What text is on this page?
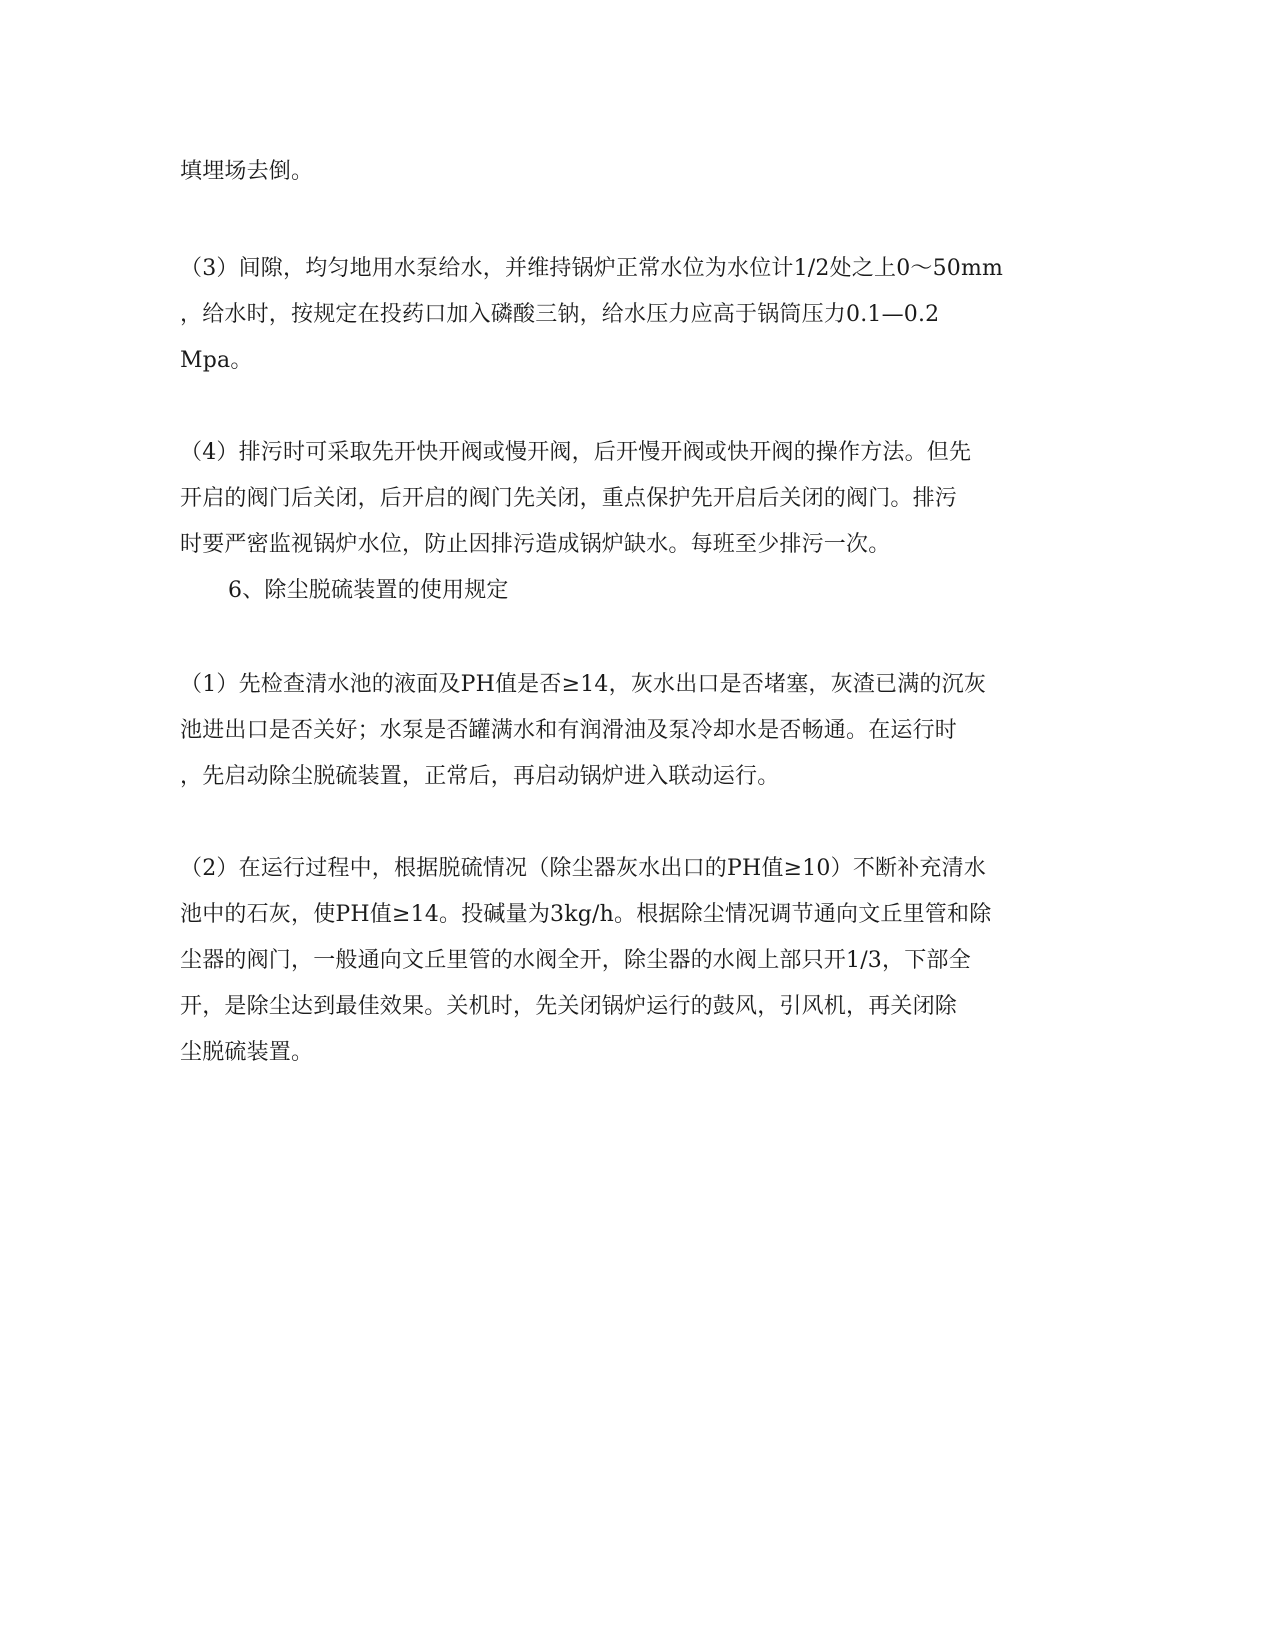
填埋场去倒。
（3）间隙，均匀地用水泵给水，并维持锅炉正常水位为水位计1/2处之上0～50mm
，给水时，按规定在投药口加入磷酸三钠，给水压力应高于锅筒压力0.1—0.2
Mpa。
（4）排污时可采取先开快开阀或慢开阀，后开慢开阀或快开阀的操作方法。但先
开启的阀门后关闭，后开启的阀门先关闭，重点保护先开启后关闭的阀门。排污
时要严密监视锅炉水位，防止因排污造成锅炉缺水。每班至少排污一次。
6、除尘脱硫装置的使用规定
（1）先检查清水池的液面及PH值是否≥14，灰水出口是否堵塞，灰渣已满的沉灰
池进出口是否关好；水泵是否罐满水和有润滑油及泵冷却水是否畅通。在运行时
，先启动除尘脱硫装置，正常后，再启动锅炉进入联动运行。
（2）在运行过程中，根据脱硫情况（除尘器灰水出口的PH值≥10）不断补充清水
池中的石灰，使PH值≥14。投碱量为3kg/h。根据除尘情况调节通向文丘里管和除
尘器的阀门，一般通向文丘里管的水阀全开，除尘器的水阀上部只开1/3，下部全
开，是除尘达到最佳效果。关机时，先关闭锅炉运行的鼓风，引风机，再关闭除
尘脱硫装置。
